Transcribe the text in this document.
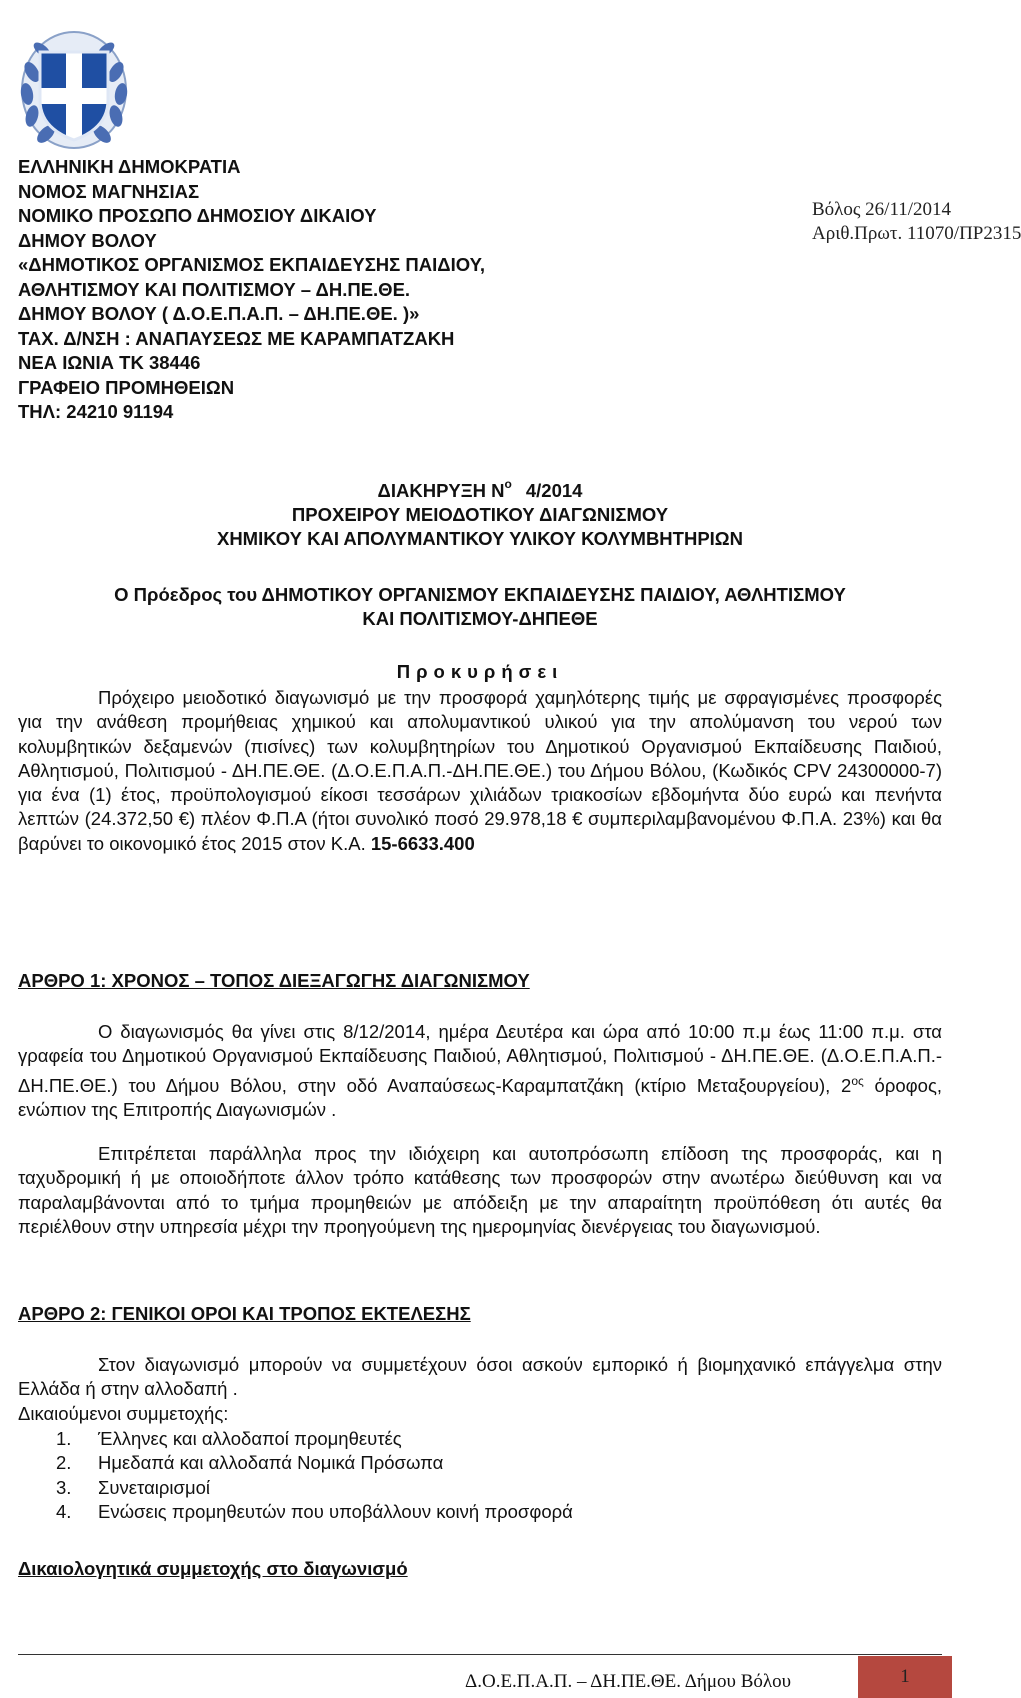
ΕΛΛΗΝΙΚΗ ΔΗΜΟΚΡΑΤΙΑ
ΝΟΜΟΣ ΜΑΓΝΗΣΙΑΣ
ΝΟΜΙΚΟ ΠΡΟΣΩΠΟ ΔΗΜΟΣΙΟΥ ΔΙΚΑΙΟΥ
ΔΗΜΟΥ ΒΟΛΟΥ
«ΔΗΜΟΤΙΚΟΣ ΟΡΓΑΝΙΣΜΟΣ ΕΚΠΑΙΔΕΥΣΗΣ ΠΑΙΔΙΟΥ,
ΑΘΛΗΤΙΣΜΟΥ ΚΑΙ ΠΟΛΙΤΙΣΜΟΥ – ΔΗ.ΠΕ.ΘΕ.
ΔΗΜΟΥ ΒΟΛΟΥ ( Δ.Ο.Ε.Π.Α.Π. – ΔΗ.ΠΕ.ΘΕ. )»
ΤΑΧ. Δ/ΝΣΗ : ΑΝΑΠΑΥΣΕΩΣ ΜΕ ΚΑΡΑΜΠΑΤΖΑΚΗ
ΝΕΑ ΙΩΝΙΑ ΤΚ 38446
ΓΡΑΦΕΙΟ ΠΡΟΜΗΘΕΙΩΝ
ΤΗΛ: 24210 91194
Βόλος 26/11/2014
Αριθ.Πρωτ. 11070/ΠΡ2315
ΔΙΑΚΗΡΥΞΗ $N^o$ 4/2014
ΠΡΟΧΕΙΡΟΥ ΜΕΙΟΔΟΤΙΚΟΥ ΔΙΑΓΩΝΙΣΜΟΥ
ΧΗΜΙΚΟΥ ΚΑΙ ΑΠΟΛΥΜΑΝΤΙΚΟΥ ΥΛΙΚΟΥ ΚΟΛΥΜΒΗΤΗΡΙΩΝ
Ο Πρόεδρος του ΔΗΜΟΤΙΚΟΥ ΟΡΓΑΝΙΣΜΟΥ ΕΚΠΑΙΔΕΥΣΗΣ ΠΑΙΔΙΟΥ, ΑΘΛΗΤΙΣΜΟΥ
ΚΑΙ ΠΟΛΙΤΙΣΜΟΥ-ΔΗΠΕΘΕ
Προκυρήσει
Πρόχειρο μειοδοτικό διαγωνισμό με την προσφορά χαμηλότερης τιμής με σφραγισμένες προσφορές για την ανάθεση προμήθειας χημικού και απολυμαντικού υλικού για την απολύμανση του νερού των κολυμβητικών δεξαμενών (πισίνες) των κολυμβητηρίων του Δημοτικού Οργανισμού Εκπαίδευσης Παιδιού, Αθλητισμού, Πολιτισμού - ΔΗ.ΠΕ.ΘΕ. (Δ.Ο.Ε.Π.Α.Π.-ΔΗ.ΠΕ.ΘΕ.) του Δήμου Βόλου, (Κωδικός CPV 24300000-7) για ένα (1) έτος, προϋπολογισμού είκοσι τεσσάρων χιλιάδων τριακοσίων εβδομήντα δύο ευρώ και πενήντα λεπτών (24.372,50 €) πλέον Φ.Π.Α (ήτοι συνολικό ποσό 29.978,18 € συμπεριλαμβανομένου Φ.Π.Α. 23%) και θα βαρύνει το οικονομικό έτος 2015 στον Κ.Α. 15-6633.400
ΑΡΘΡΟ 1: ΧΡΟΝΟΣ – ΤΟΠΟΣ ΔΙΕΞΑΓΩΓΗΣ ΔΙΑΓΩΝΙΣΜΟΥ
Ο διαγωνισμός θα γίνει στις 8/12/2014, ημέρα Δευτέρα και ώρα από 10:00 π.μ έως 11:00 π.μ. στα γραφεία του Δημοτικού Οργανισμού Εκπαίδευσης Παιδιού, Αθλητισμού, Πολιτισμού - ΔΗ.ΠΕ.ΘΕ. (Δ.Ο.Ε.Π.Α.Π.-ΔΗ.ΠΕ.ΘΕ.) του Δήμου Βόλου, στην οδό Αναπαύσεως-Καραμπατζάκη (κτίριο Μεταξουργείου), $2^{o\varsigma}$ όροφος, ενώπιον της Επιτροπής Διαγωνισμών .
Επιτρέπεται παράλληλα προς την ιδιόχειρη και αυτοπρόσωπη επίδοση της προσφοράς, και η ταχυδρομική ή με οποιοδήποτε άλλον τρόπο κατάθεσης των προσφορών στην ανωτέρω διεύθυνση και να παραλαμβάνονται από το τμήμα προμηθειών με απόδειξη με την απαραίτητη προϋπόθεση ότι αυτές θα περιέλθουν στην υπηρεσία μέχρι την προηγούμενη της ημερομηνίας διενέργειας του διαγωνισμού.
ΑΡΘΡΟ 2: ΓΕΝΙΚΟΙ ΟΡΟΙ ΚΑΙ ΤΡΟΠΟΣ ΕΚΤΕΛΕΣΗΣ
Στον διαγωνισμό μπορούν να συμμετέχουν όσοι ασκούν εμπορικό ή βιομηχανικό επάγγελμα στην Ελλάδα ή στην αλλοδαπή .
Δικαιούμενοι συμμετοχής:
1. Έλληνες και αλλοδαποί προμηθευτές
2. Ημεδαπά και αλλοδαπά Νομικά Πρόσωπα
3. Συνεταιρισμοί
4. Ενώσεις προμηθευτών που υποβάλλουν κοινή προσφορά
Δικαιολογητικά συμμετοχής στο διαγωνισμό
Δ.Ο.Ε.Π.Α.Π. – ΔΗ.ΠΕ.ΘΕ. Δήμου Βόλου	1
